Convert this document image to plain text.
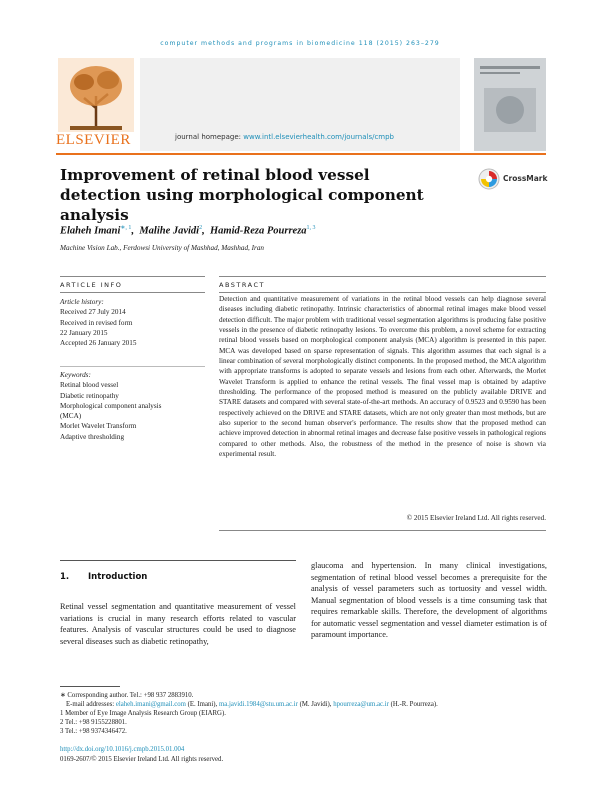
computer methods and programs in biomedicine 118 (2015) 263–279
ELSEVIER	journal homepage: www.intl.elsevierhealth.com/journals/cmpb
Improvement of retinal blood vessel detection using morphological component analysis
CrossMark
Elaheh Imani$^{∗, 1}$,  Malihe Javidi$^2$,  Hamid-Reza Pourreza$^{1, 3}$
Machine Vision Lab., Ferdowsi University of Mashhad, Mashhad, Iran
ARTICLE INFO	ABSTRACT
Article history:
Received 27 July 2014
Received in revised form
22 January 2015
Accepted 26 January 2015
Keywords:
Retinal blood vessel
Diabetic retinopathy
Morphological component analysis
(MCA)
Morlet Wavelet Transform
Adaptive thresholding
Detection and quantitative measurement of variations in the retinal blood vessels can help diagnose several diseases including diabetic retinopathy. Intrinsic characteristics of abnormal retinal images make blood vessel detection difficult. The major problem with traditional vessel segmentation algorithms is producing false positive vessels in the presence of diabetic retinopathy lesions. To overcome this problem, a novel scheme for extracting retinal blood vessels based on morphological component analysis (MCA) algorithm is presented in this paper. MCA was developed based on sparse representation of signals. This algorithm assumes that each signal is a linear combination of several morphologically distinct components. In the proposed method, the MCA algorithm with appropriate transforms is adopted to separate vessels and lesions from each other. Afterwards, the Morlet Wavelet Transform is applied to enhance the retinal vessels. The final vessel map is obtained by adaptive thresholding. The performance of the proposed method is measured on the publicly available DRIVE and STARE datasets and compared with several state-of-the-art methods. An accuracy of 0.9523 and 0.9590 has been respectively achieved on the DRIVE and STARE datasets, which are not only greater than most methods, but are also superior to the second human observer's performance. The results show that the proposed method can achieve improved detection in abnormal retinal images and decrease false positive vessels in pathological regions compared to other methods. Also, the robustness of the method in the presence of noise is shown via experimental result.
© 2015 Elsevier Ireland Ltd. All rights reserved.
1. Introduction
Retinal vessel segmentation and quantitative measurement of vessel variations is crucial in many research efforts related to vascular features. Analysis of vascular structures could be used to diagnose several diseases such as diabetic retinopathy,
glaucoma and hypertension. In many clinical investigations, segmentation of retinal blood vessel becomes a prerequisite for the analysis of vessel parameters such as tortuosity and vessel width. Manual segmentation of blood vessels is a time consuming task that requires remarkable skills. Therefore, the development of algorithms for automatic vessel segmentation and vessel diameter estimation is of paramount importance.
∗ Corresponding author. Tel.: +98 937 2883910.
E-mail addresses: elaheh.imani@gmail.com (E. Imani), ma.javidi.1984@stu.um.ac.ir (M. Javidi), hpourreza@um.ac.ir (H.-R. Pourreza).
1 Member of Eye Image Analysis Research Group (EIARG).
2 Tel.: +98 9155228801.
3 Tel.: +98 9374346472.
http://dx.doi.org/10.1016/j.cmpb.2015.01.004
0169-2607/© 2015 Elsevier Ireland Ltd. All rights reserved.
